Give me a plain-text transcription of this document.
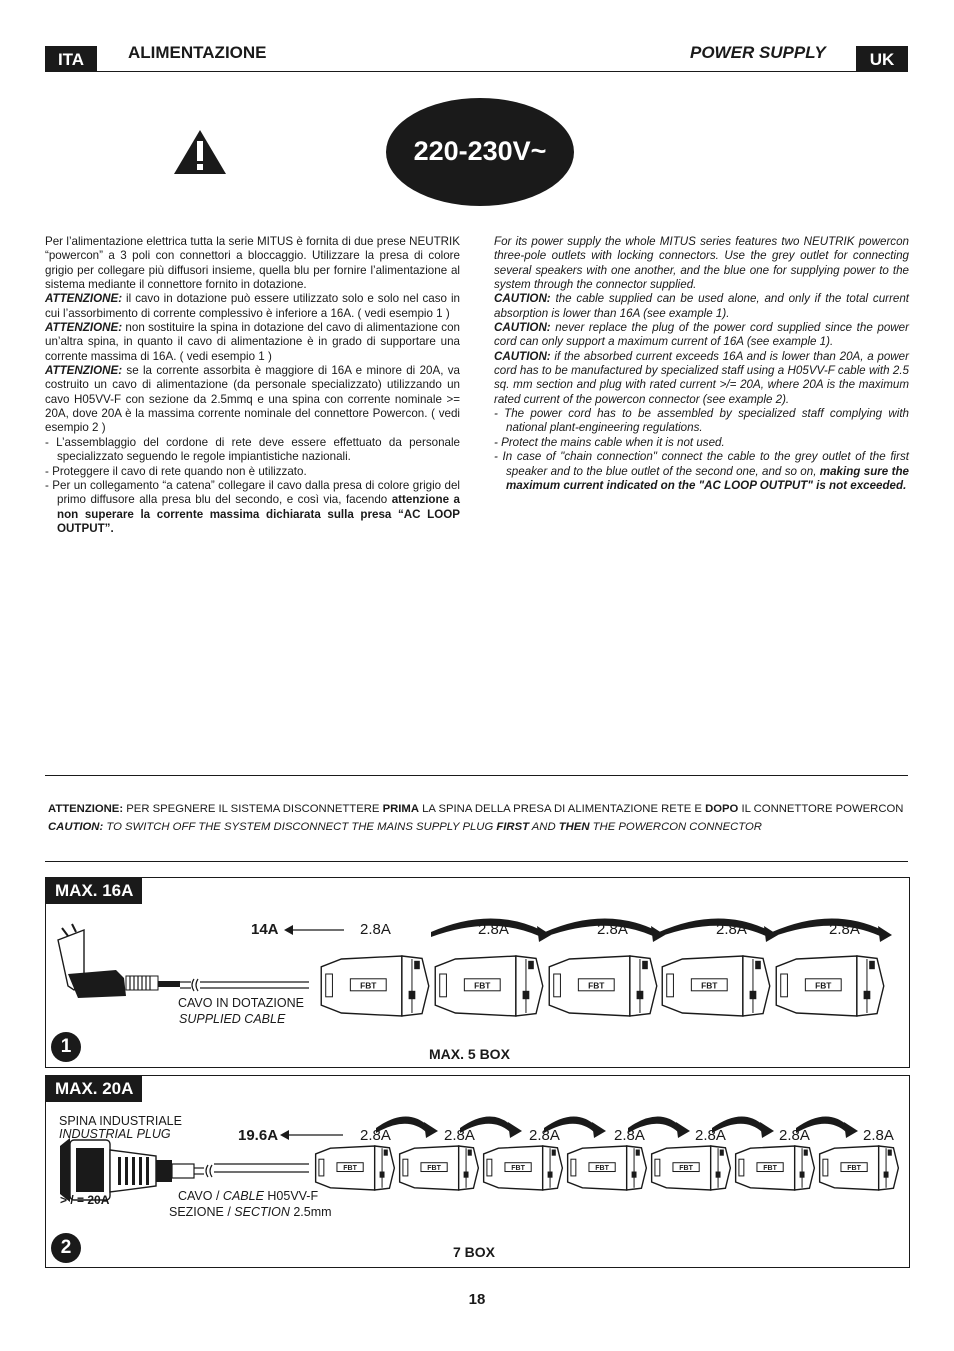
ITA	ALIMENTAZIONE	POWER SUPPLY	UK
220-230V~

Per l’alimentazione elettrica tutta la serie MITUS è fornita di due prese NEUTRIK “powercon” a 3 poli con connettori a bloccaggio. Utilizzare la presa di colore grigio per collegare più diffusori insieme, quella blu per fornire l’alimentazione al sistema mediante il connettore fornito in dotazione.

ATTENZIONE: il cavo in dotazione può essere utilizzato solo e solo nel caso in cui l’assorbimento di corrente complessivo è inferiore a 16A. ( vedi esempio 1 )

ATTENZIONE: non sostituire la spina in dotazione del cavo di alimentazione con un’altra spina, in quanto il cavo di alimentazione è in grado di supportare una corrente massima di 16A. ( vedi esempio 1 )

ATTENZIONE: se la corrente assorbita è maggiore di 16A e minore di 20A, va costruito un cavo di alimentazione (da personale specializzato) utilizzando un cavo H05VV-F con sezione da 2.5mmq e una spina con corrente nominale >= 20A, dove 20A è la massima corrente nominale del connettore Powercon. ( vedi esempio 2 )

- L’assemblaggio del cordone di rete deve essere effettuato da personale specializzato seguendo le regole impiantistiche nazionali.

- Proteggere il cavo di rete quando non è utilizzato.

- Per un collegamento “a catena” collegare il cavo dalla presa di colore grigio del primo diffusore alla presa blu del secondo, e così via, facendo attenzione a non superare la corrente massima dichiarata sulla presa “AC LOOP OUTPUT”.

For its power supply the whole MITUS series features two NEUTRIK powercon three-pole outlets with locking connectors. Use the grey outlet for connecting several speakers with one another, and the blue one for supplying power to the system through the connector supplied.

CAUTION: the cable supplied can be used alone, and only if the total current absorption is lower than 16A (see example 1).

CAUTION: never replace the plug of the power cord supplied since the power cord can only support a maximum current of 16A (see example 1).

CAUTION: if the absorbed current exceeds 16A and is lower than 20A, a power cord has to be manufactured by specialized staff using a H05VV-F cable with 2.5 sq. mm section and plug with rated current >/= 20A, where 20A is the maximum rated current of the powercon connector (see example 2).

- The power cord has to be assembled by specialized staff complying with national plant-engineering regulations.

- Protect the mains cable when it is not used.

- In case of "chain connection" connect the cable to the grey outlet of the first speaker and to the blue outlet of the second one, and so on, making sure the maximum current indicated on the "AC LOOP OUTPUT" is not exceeded.

ATTENZIONE: PER SPEGNERE IL SISTEMA DISCONNETTERE PRIMA LA SPINA DELLA PRESA DI ALIMENTAZIONE RETE E DOPO IL CONNETTORE POWERCON
CAUTION: TO SWITCH OFF THE SYSTEM DISCONNECT THE MAINS SUPPLY PLUG FIRST AND THEN THE POWERCON CONNECTOR
MAX. 16A
FBT	FBT	FBT	FBT	FBT
14A	2.8A	2.8A	2.8A	2.8A	2.8A
CAVO IN DOTAZIONE
SUPPLIED CABLE
1	MAX. 5 BOX
MAX. 20A
FBT	FBT	FBT	FBT	FBT	FBT	FBT
SPINA INDUSTRIALE
INDUSTRIAL PLUG
> / = 20A
19.6A	2.8A	2.8A	2.8A	2.8A	2.8A	2.8A	2.8A
CAVO / CABLE H05VV-F
SEZIONE / SECTION 2.5mm
2	7 BOX
18
